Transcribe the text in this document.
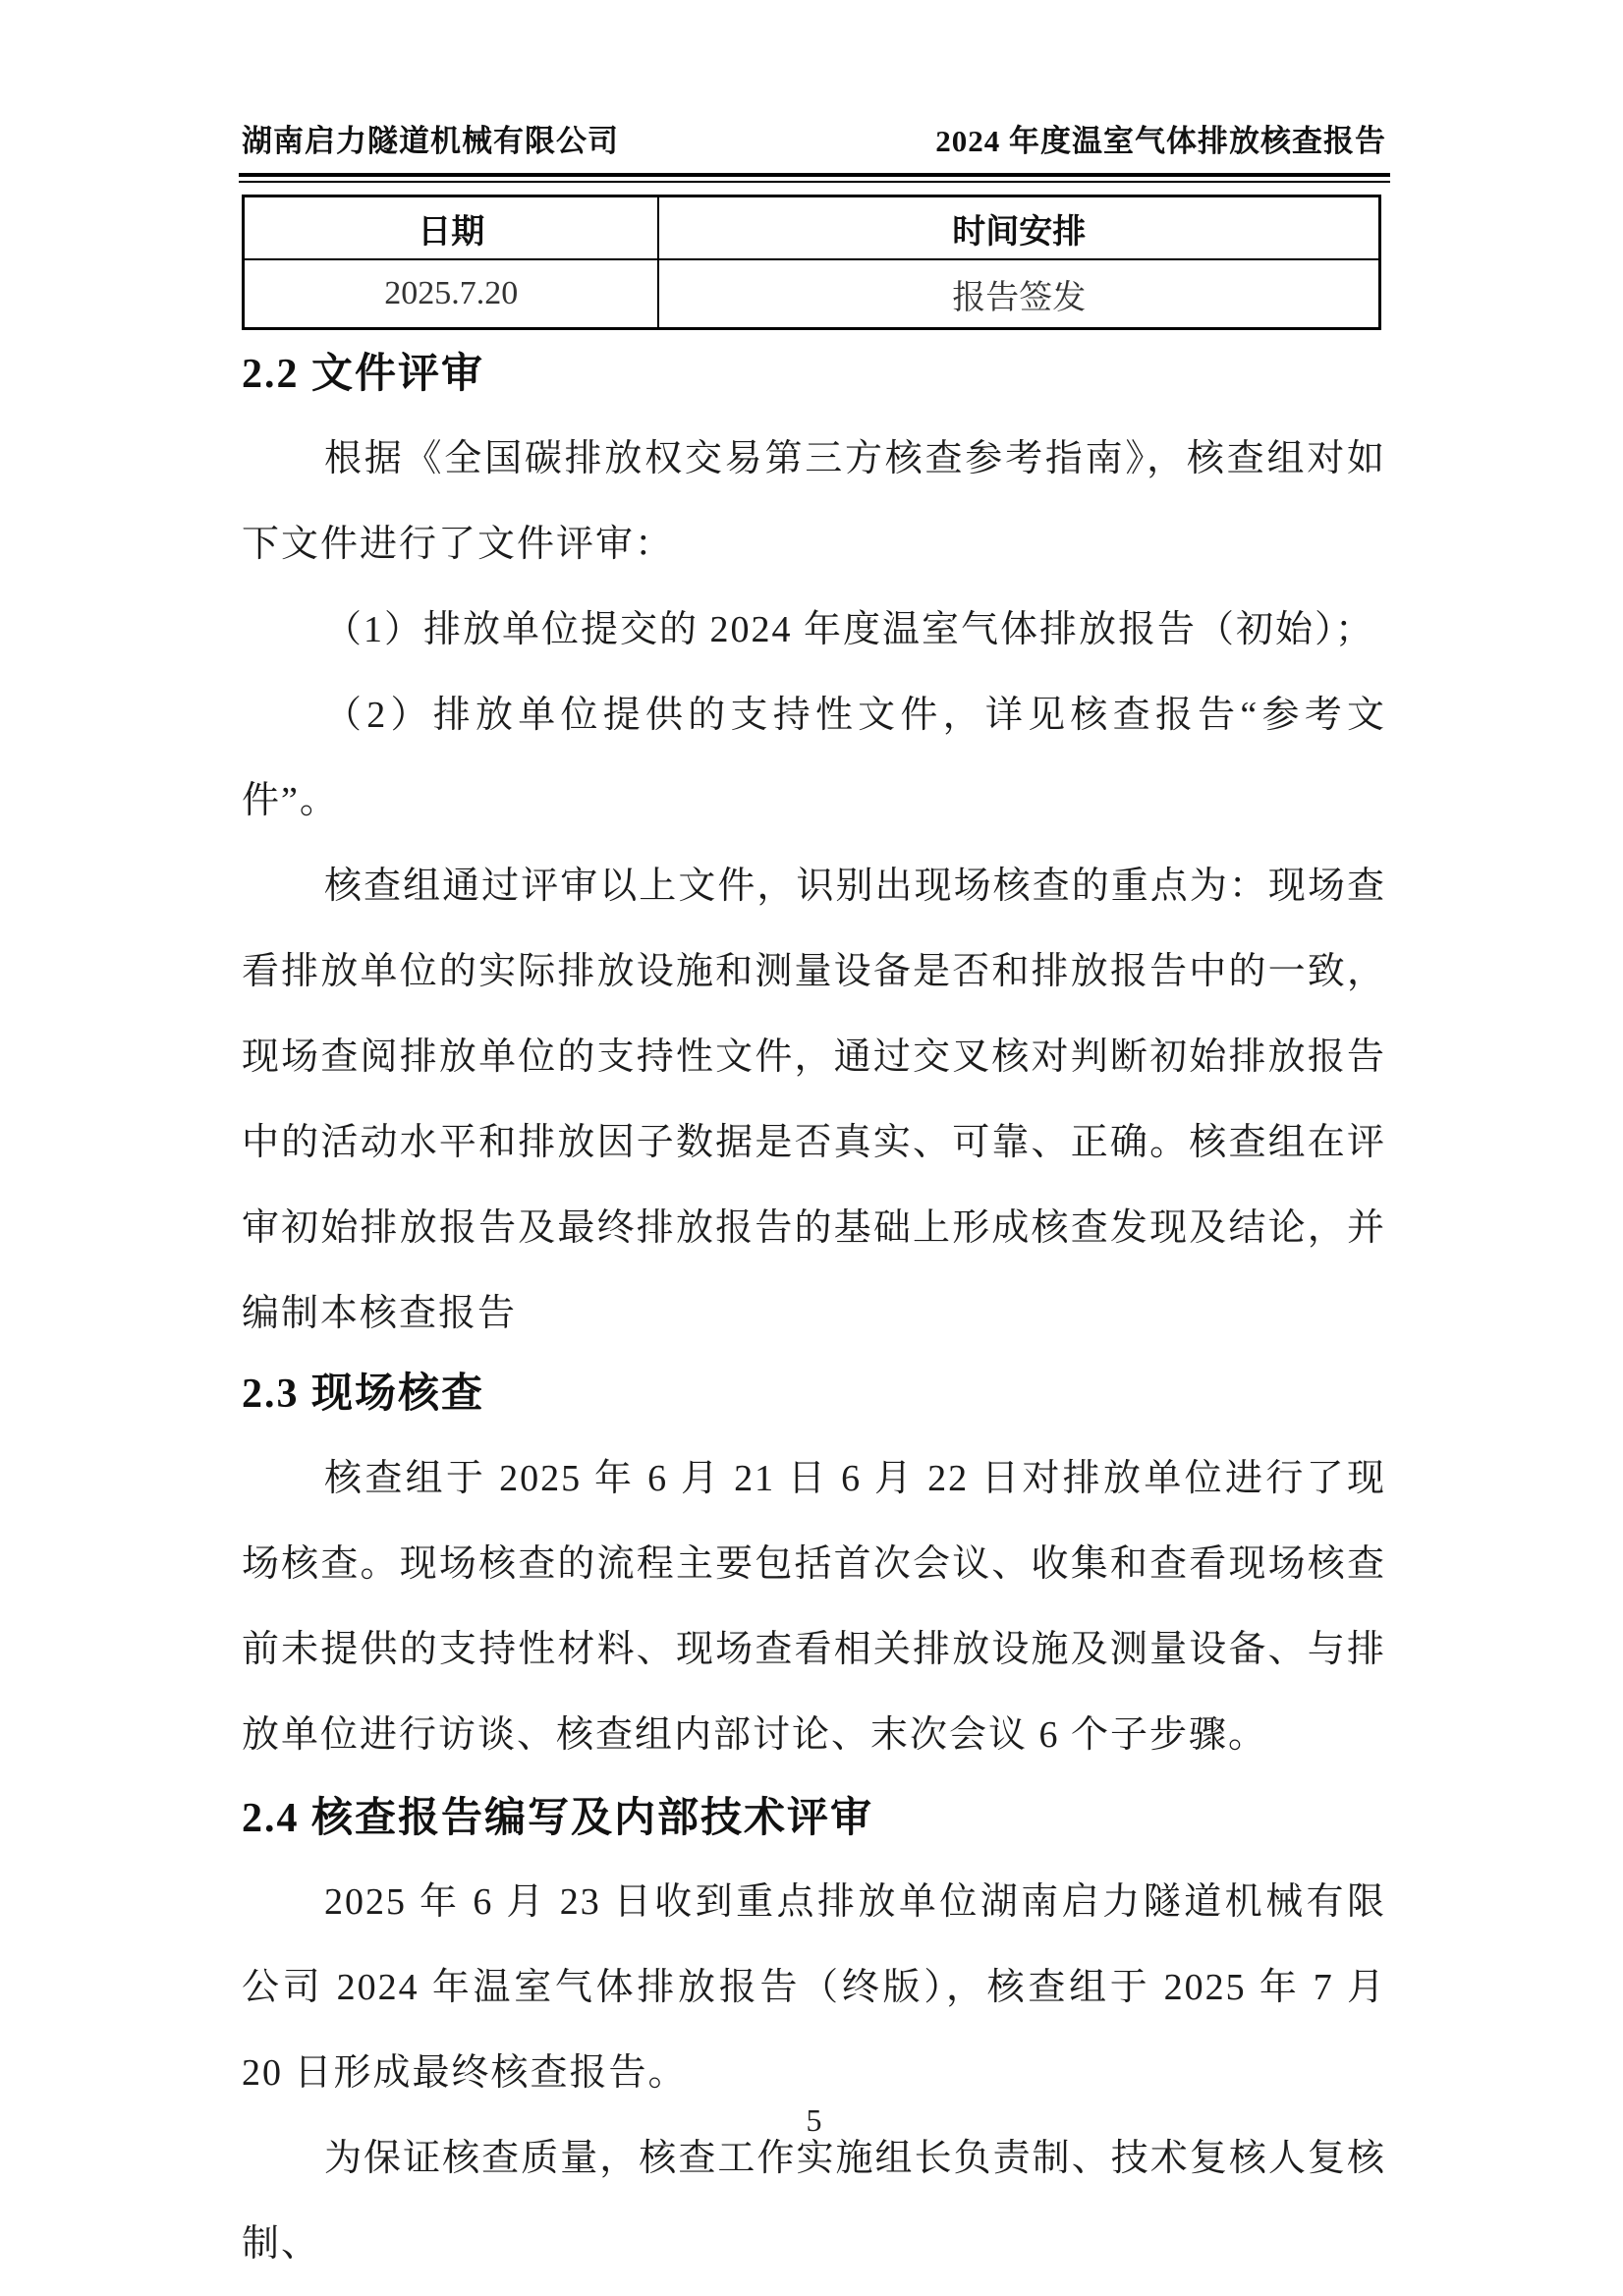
湖南启力隧道机械有限公司	2024 年度温室气体排放核查报告
日期	时间安排
2025.7.20	报告签发
2.2 文件评审

根据《全国碳排放权交易第三方核查参考指南》，核查组对如下文件进行了文件评审：

（1）排放单位提交的 2024 年度温室气体排放报告（初始）；

（2）排放单位提供的支持性文件，详见核查报告“参考文件”。

核查组通过评审以上文件，识别出现场核查的重点为：现场查看排放单位的实际排放设施和测量设备是否和排放报告中的一致，现场查阅排放单位的支持性文件，通过交叉核对判断初始排放报告中的活动水平和排放因子数据是否真实、可靠、正确。核查组在评审初始排放报告及最终排放报告的基础上形成核查发现及结论，并编制本核查报告

2.3 现场核查

核查组于 2025 年 6 月 21 日 6 月 22 日对排放单位进行了现场核查。现场核查的流程主要包括首次会议、收集和查看现场核查前未提供的支持性材料、现场查看相关排放设施及测量设备、与排放单位进行访谈、核查组内部讨论、末次会议 6 个子步骤。

2.4 核查报告编写及内部技术评审

2025 年 6 月 23 日收到重点排放单位湖南启力隧道机械有限公司 2024 年温室气体排放报告（终版），核查组于 2025 年 7 月 20 日形成最终核查报告。

为保证核查质量，核查工作实施组长负责制、技术复核人复核制、

5
